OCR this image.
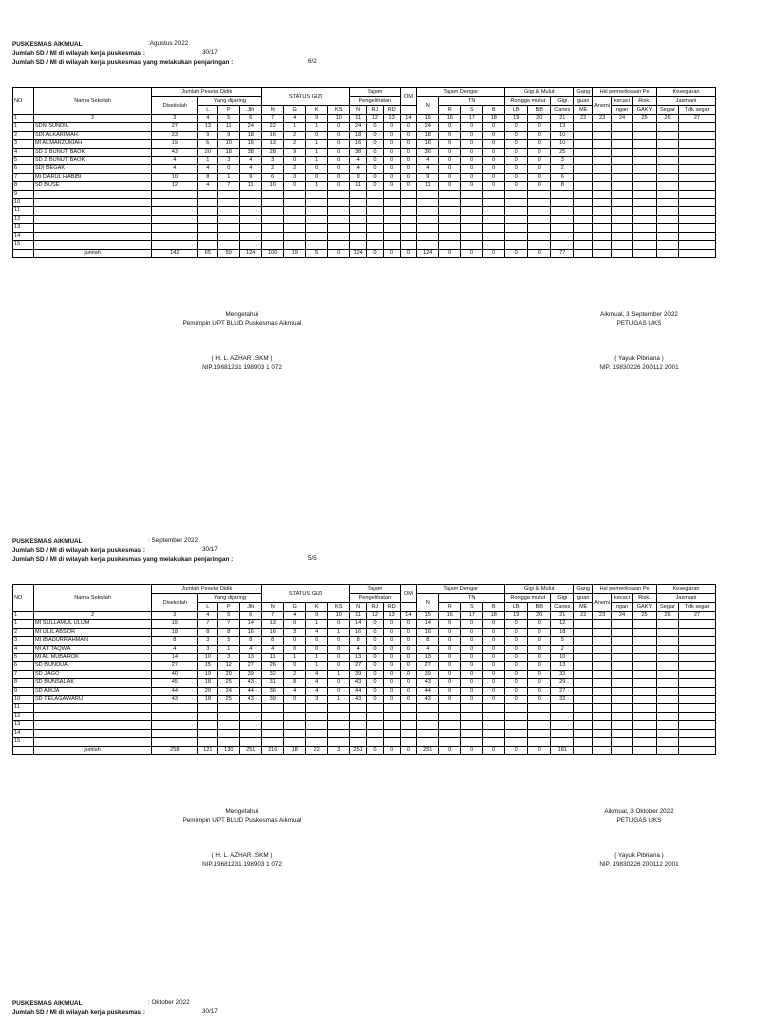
PUSKESMAS AIKMUAL	:Agustus 2022
Jumlah SD / MI di wilayah kerja puskesmas :	30/17
Jumlah SD / MI di wilayah kerja puskesmas yang melakukan penjaringan :	6/2
NO	Nama Sekolah	Jumlah Peseta Didik				STATUS GIZI				Tajam			OM	Tajam Dengar				Gigi & Mulut			Gang	Hsl pemeriksaan Pe			Kesegaran	
		Disekolah	Yang dijaring							Pengelihatan				N	TN			Rongga mulut		Gigi	guan	Anemi	kecaci	Risk.	Jasmani	
			L	P	Jlh	N	G	K	KS	N	RJ	RD			R	S	B	LB	BB	Caries	ME		ngan	GAKY	Segar	Tdk segar
1	2	3	4	5	6	7	4	9	10	11	12	13	14	15	16	17	18	19	20	21	22	23	24	25	26	27
1	SDN SUNDIL	27	13	11	24	22	1	1	0	24	0	0	0	24	0	0	0	0	0	13						
2	SDI ALKARIMAH	23	9	9	18	16	2	0	0	18	0	0	0	18	0	0	0	0	0	10						
3	MI ALMARZUKIAH	19	6	10	16	13	2	1	0	16	0	0	0	16	0	0	0	0	0	10						
4	SD 1 BUNUT BAOK	43	20	18	38	28	9	1	0	38	0	0	0	36	0	0	0	0	0	25						
5	SD 2 BUNUT BAOK	4	1	3	4	3	0	1	0	4	0	0	0	4	0	0	0	0	0	3						
6	SDI BEGAK	4	4	0	4	2	2	0	0	4	0	0	0	4	0	0	0	0	0	2						
7	MI DARUL HABIBI	10	8	1	9	6	3	0	0	9	0	0	0	9	0	0	0	0	0	6						
8	SD BUSE	12	4	7	11	10	0	1	0	11	0	0	0	11	0	0	0	0	0	8						
9																										
10																										
11																										
12																										
13																										
14																										
15																										
	jumlah	142	65	59	124	100	19	5	0	124	0	0	0	124	0	0	0	0	0	77						
Mengetahui
Pemimpin UPT BLUD Puskesmas Aikmual
( H. L. AZHAR .SKM )
NIP.19681231 198903 1 072
Aikmual, 3 September 2022
PETUGAS UKS
( Yayuk Pibriana )
NIP. 19830226 200112 2001
PUSKESMAS AIKMUAL	: September 2022
Jumlah SD / MI di wilayah kerja puskesmas :	30/17
Jumlah SD / MI di wilayah kerja puskesmas yang melakukan penjaringan :	5/5
NO	Nama Sekolah	Jumlah Peseta Didik				STATUS GIZI				Tajam			OM	Tajam Dengar				Gigi & Mulut			Gang	Hsl pemeriksaan Pe			Kesegaran	
		Disekolah	Yang dijaring							Pengelihatan				N	TN			Rongga mulut		Gigi	guan	Anemi	kecaci	Risk.	Jasmani	
			L	P	Jlh	N	G	K	KS	N	RJ	RD			R	S	B	LB	BB	Caries	ME		ngan	GAKY	Segar	Tdk segar
1	2	3	4	5	6	7	4	9	10	11	12	13	14	15	16	17	18	19	20	21	22	23	24	25	26	27
1	MI SULLAMUL ULUM	15	7	7	14	13	0	1	0	14	0	0	0	14	0	0	0	0	0	12						
2	MI ULIL ABSOR	18	8	8	16	16	3	4	1	16	0	0	0	16	0	0	0	0	0	18						
3	MI IBADURRAHMAN	8	3	5	8	8	0	0	0	8	0	0	0	8	0	0	0	0	0	5						
4	MI AT TAQWA	4	3	1	4	4	0	0	0	4	0	0	0	4	0	0	0	0	0	2						
5	MI AL MUBAROK	14	10	3	13	11	1	1	0	13	0	0	0	13	0	0	0	0	0	10						
6	SD BUNDUA	27	15	12	27	26	0	1	0	27	0	0	0	27	0	0	0	0	0	13						
7	SD JAGO	40	19	20	39	32	2	4	1	39	0	0	0	39	0	0	0	0	0	33						
8	SD BUNSALAK	45	18	25	43	31	8	4	0	43	0	0	0	43	0	0	0	0	0	29						
9	SD AIKJA	44	20	24	44	36	4	4	0	44	0	0	0	44	0	0	0	0	0	27						
10	SD TELAGAWARU	43	18	25	43	39	0	3	1	43	0	0	0	43	0	0	0	0	0	32						
11																										
12																										
13																										
14																										
15																										
	jumlah	258	121	130	251	216	18	22	3	251	0	0	0	251	0	0	0	0	0	181						
Mengetahui
Pemimpin UPT BLUD Puskesmas Aikmual
( H. L. AZHAR .SKM )
NIP.19681231 198903 1 072
Aikmual, 3 Oktober 2022
PETUGAS UKS
( Yayuk Pibriana )
NIP. 19830226 200112 2001
PUSKESMAS AIKMUAL	: Oktober 2022
Jumlah SD / MI di wilayah kerja puskesmas :	30/17
